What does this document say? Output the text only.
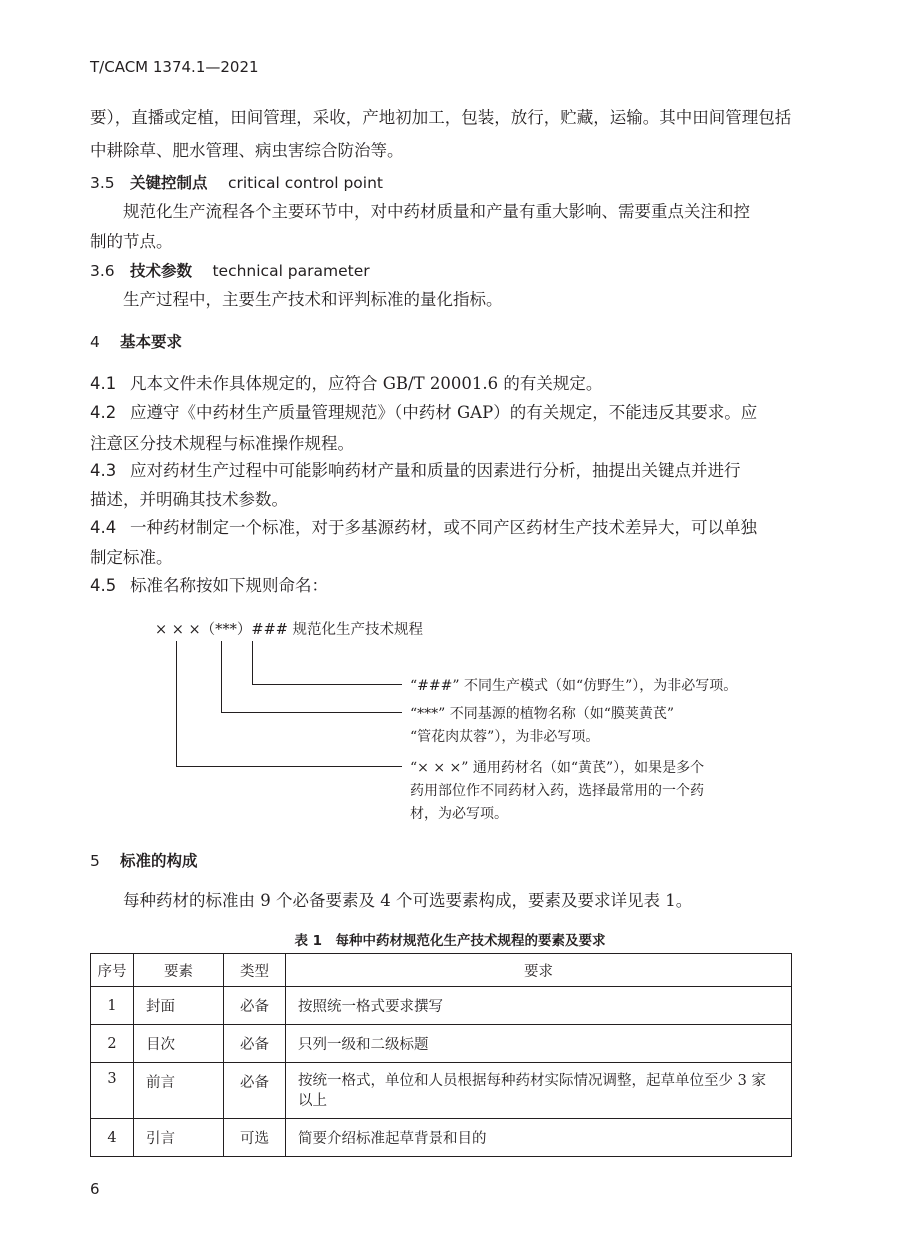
T/CACM 1374.1—2021
要），直播或定植，田间管理，采收，产地初加工，包装，放行，贮藏，运输。其中田间管理包括
中耕除草、肥水管理、病虫害综合防治等。
3.5 关键控制点　 critical control point
规范化生产流程各个主要环节中，对中药材质量和产量有重大影响、需要重点关注和控
制的节点。
3.6 技术参数　 technical parameter
生产过程中，主要生产技术和评判标准的量化指标。
4 基本要求
4.1 凡本文件未作具体规定的，应符合 GB/T 20001.6 的有关规定。
4.2 应遵守《中药材生产质量管理规范》（中药材 GAP）的有关规定，不能违反其要求。应
注意区分技术规程与标准操作规程。
4.3 应对药材生产过程中可能影响药材产量和质量的因素进行分析，抽提出关键点并进行
描述，并明确其技术参数。
4.4 一种药材制定一个标准，对于多基源药材，或不同产区药材生产技术差异大，可以单独
制定标准。
4.5 标准名称按如下规则命名：
× × ×（***）### 规范化生产技术规程
“###” 不同生产模式（如“仿野生”），为非必写项。
“***” 不同基源的植物名称（如“膜荚黄芪”
“管花肉苁蓉”），为非必写项。
“× × ×” 通用药材名（如“黄芪”），如果是多个
药用部位作不同药材入药，选择最常用的一个药
材，为必写项。
5 标准的构成
每种药材的标准由 9 个必备要素及 4 个可选要素构成，要素及要求详见表 1。
表 1　每种中药材规范化生产技术规程的要素及要求
序号	要素	类型	要求
1	封面	必备	按照统一格式要求撰写
2	目次	必备	只列一级和二级标题
3	前言	必备	按统一格式，单位和人员根据每种药材实际情况调整，起草单位至少 3 家以上
4	引言	可选	简要介绍标准起草背景和目的
6
